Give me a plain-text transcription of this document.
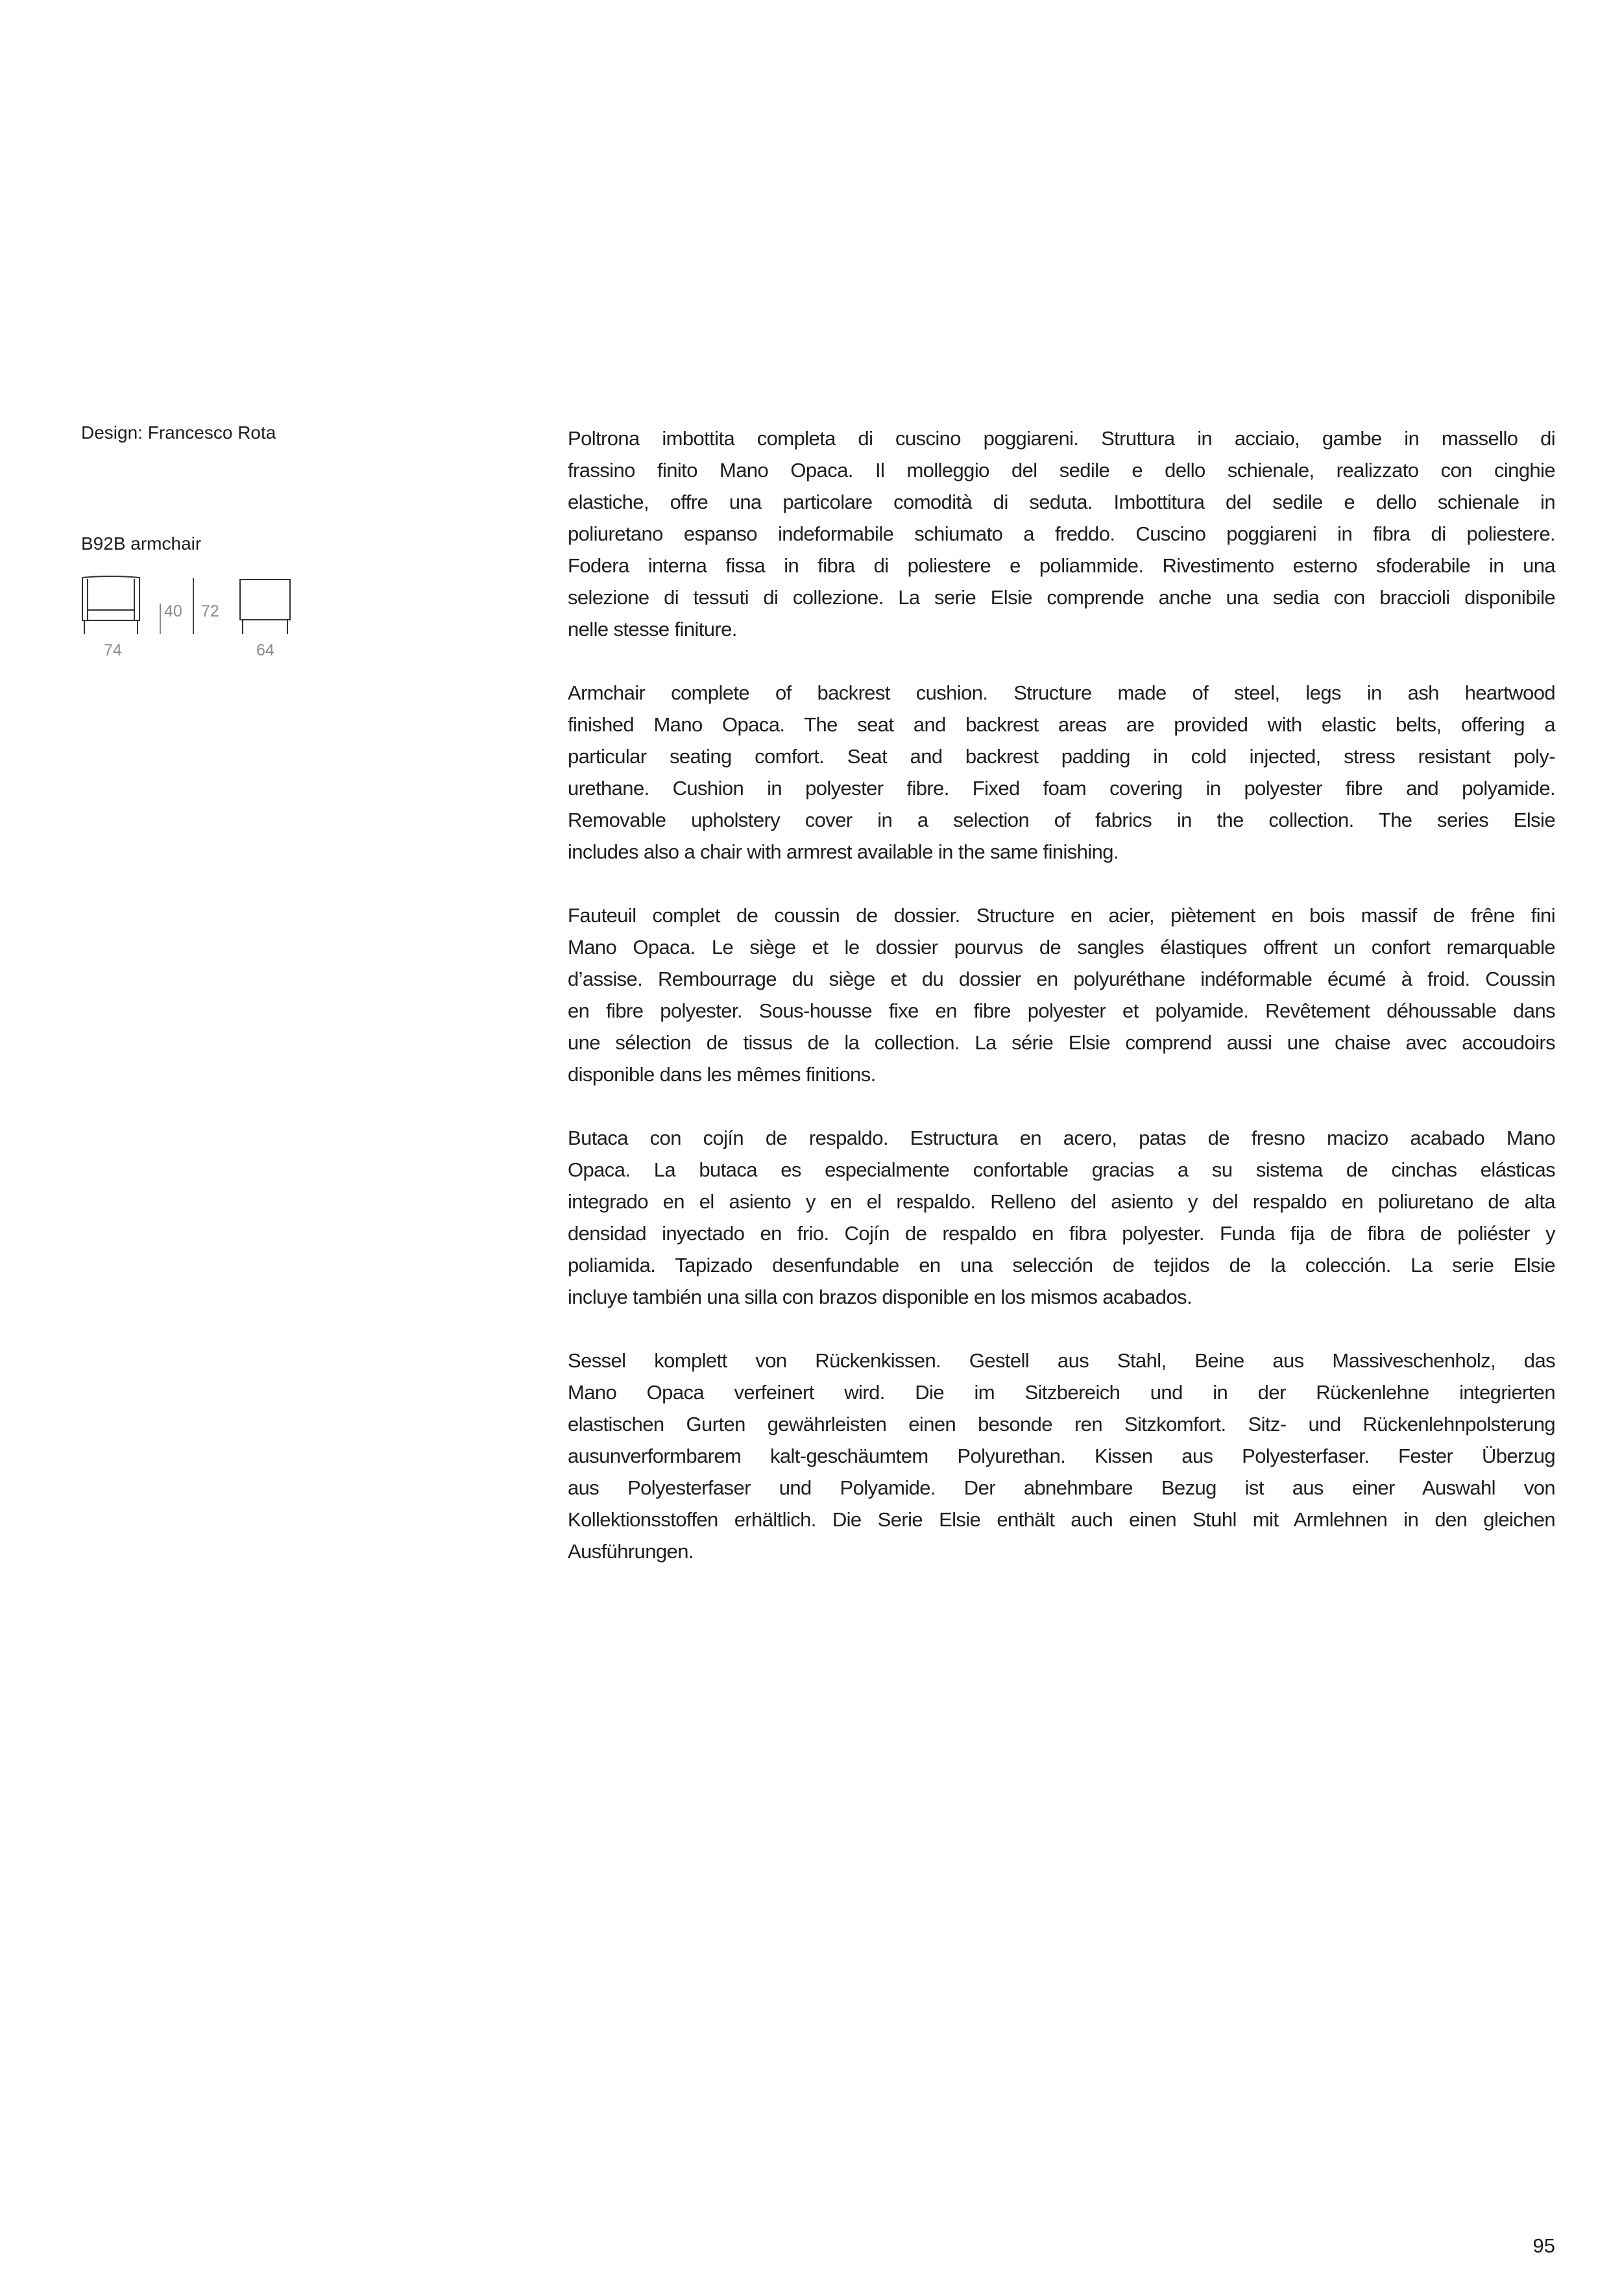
Design: Francesco Rota
B92B armchair
40 72
74	64
Poltrona imbottita completa di cuscino poggiareni. Struttura in acciaio, gambe in massello di
frassino finito Mano Opaca. Il molleggio del sedile e dello schienale, realizzato con cinghie
elastiche, offre una particolare comodità di seduta. Imbottitura del sedile e dello schienale in
poliuretano espanso indeformabile schiumato a freddo. Cuscino poggiareni in fibra di poliestere.
Fodera interna fissa in fibra di poliestere e poliammide. Rivestimento esterno sfoderabile in una
selezione di tessuti di collezione. La serie Elsie comprende anche una sedia con braccioli disponibile
nelle stesse finiture.
Armchair complete of backrest cushion. Structure made of steel, legs in ash heartwood
finished Mano Opaca. The seat and backrest areas are provided with elastic belts, offering a
particular seating comfort. Seat and backrest padding in cold injected, stress resistant poly-
urethane. Cushion in polyester fibre. Fixed foam covering in polyester fibre and polyamide.
Removable upholstery cover in a selection of fabrics in the collection. The series Elsie
includes also a chair with armrest available in the same finishing.
Fauteuil complet de coussin de dossier. Structure en acier, piètement en bois massif de frêne fini
Mano Opaca. Le siège et le dossier pourvus de sangles élastiques offrent un confort remarquable
d’assise. Rembourrage du siège et du dossier en polyuréthane indéformable écumé à froid. Coussin
en fibre polyester. Sous-housse fixe en fibre polyester et polyamide. Revêtement déhoussable dans
une sélection de tissus de la collection. La série Elsie comprend aussi une chaise avec accoudoirs
disponible dans les mêmes finitions.
Butaca con cojín de respaldo. Estructura en acero, patas de fresno macizo acabado Mano
Opaca. La butaca es especialmente confortable gracias a su sistema de cinchas elásticas
integrado en el asiento y en el respaldo. Relleno del asiento y del respaldo en poliuretano de alta
densidad inyectado en frio. Cojín de respaldo en fibra polyester. Funda fija de fibra de poliéster y
poliamida. Tapizado desenfundable en una selección de tejidos de la colección. La serie Elsie
incluye también una silla con brazos disponible en los mismos acabados.
Sessel komplett von Rückenkissen. Gestell aus Stahl, Beine aus Massiveschenholz, das
Mano Opaca verfeinert wird. Die im Sitzbereich und in der Rückenlehne integrierten
elastischen Gurten gewährleisten einen besonde ren Sitzkomfort. Sitz- und Rückenlehnpolsterung
ausunverformbarem kalt-geschäumtem Polyurethan. Kissen aus Polyesterfaser. Fester Überzug
aus Polyesterfaser und Polyamide. Der abnehmbare Bezug ist aus einer Auswahl von
Kollektionsstoffen erhältlich. Die Serie Elsie enthält auch einen Stuhl mit Armlehnen in den gleichen
Ausführungen.
95
